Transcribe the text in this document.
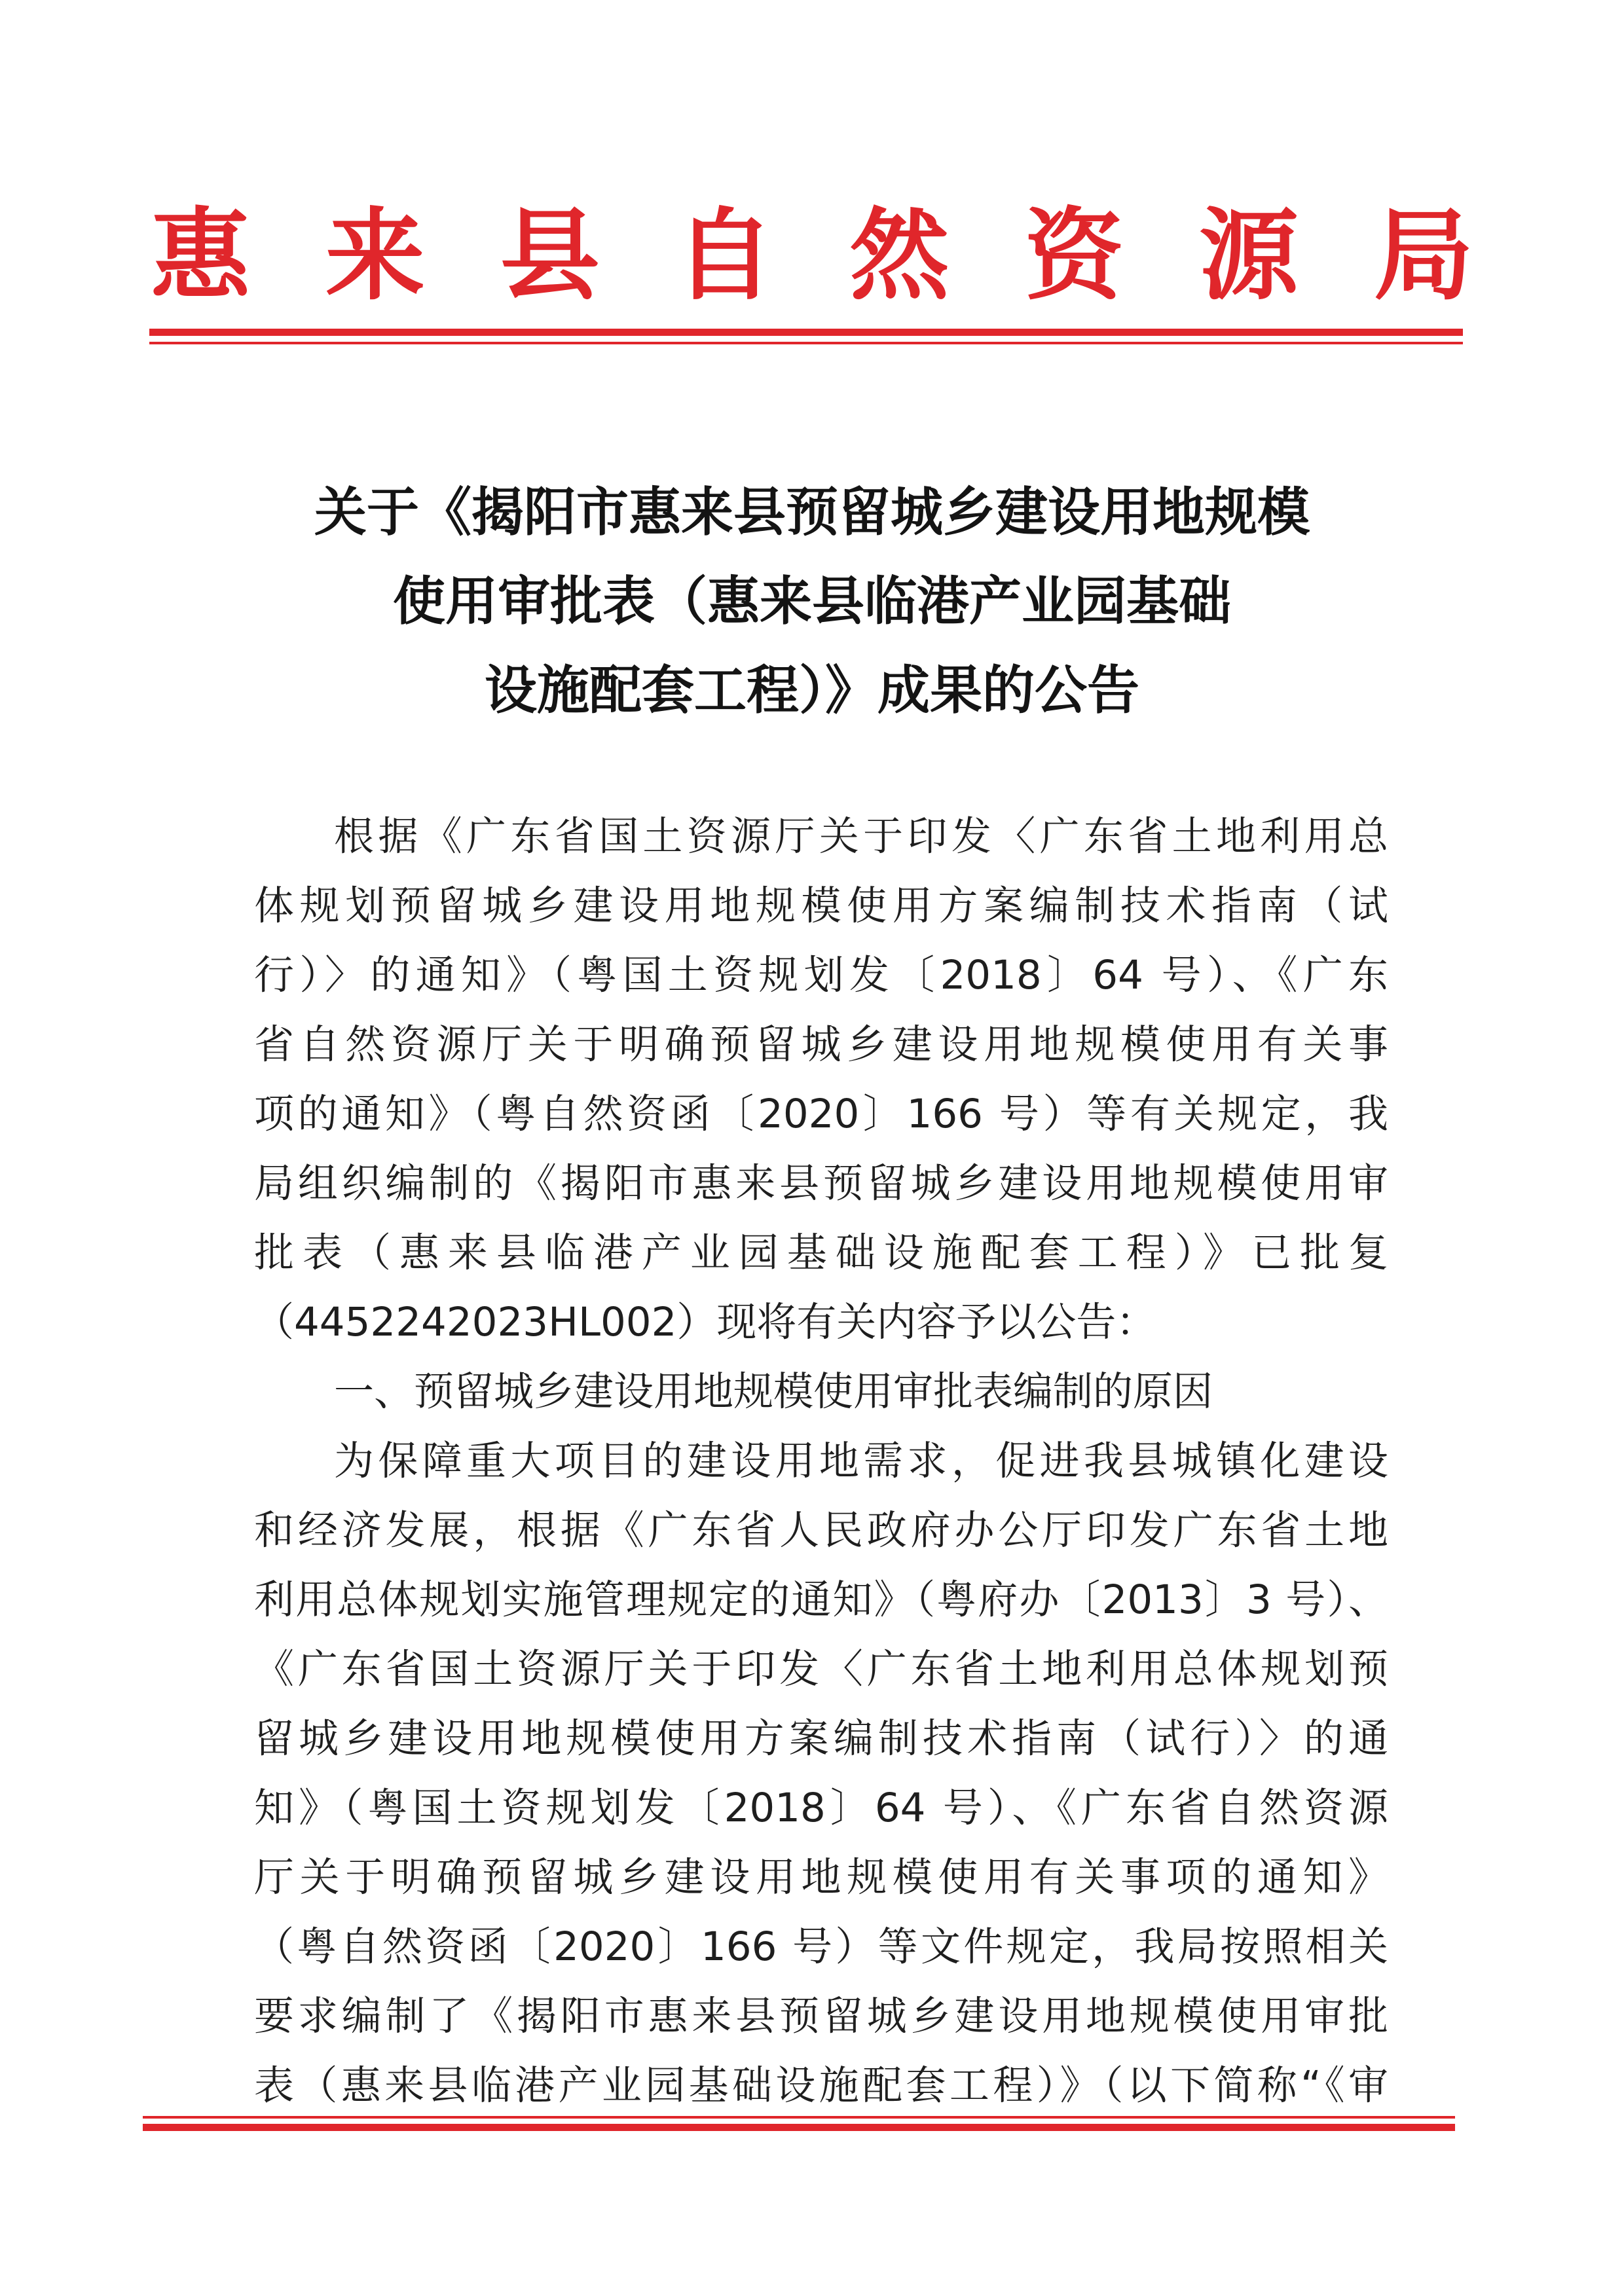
惠 来 县 自 然 资 源 局
关于《揭阳市惠来县预留城乡建设用地规模
使用审批表（惠来县临港产业园基础
设施配套工程）》成果的公告
根据《广东省国土资源厅关于印发〈广东省土地利用总
体规划预留城乡建设用地规模使用方案编制技术指南（试
行）〉的通知》（粤国土资规划发〔2018〕64 号）、《广东
省自然资源厅关于明确预留城乡建设用地规模使用有关事
项的通知》（粤自然资函〔2020〕166 号）等有关规定，我
局组织编制的《揭阳市惠来县预留城乡建设用地规模使用审
批表（惠来县临港产业园基础设施配套工程）》已批复
（4452242023HL002）现将有关内容予以公告：
一、预留城乡建设用地规模使用审批表编制的原因
为保障重大项目的建设用地需求，促进我县城镇化建设
和经济发展，根据《广东省人民政府办公厅印发广东省土地
利用总体规划实施管理规定的通知》（粤府办〔2013〕3 号）、
《广东省国土资源厅关于印发〈广东省土地利用总体规划预
留城乡建设用地规模使用方案编制技术指南（试行）〉的通
知》（粤国土资规划发〔2018〕64 号）、《广东省自然资源
厅关于明确预留城乡建设用地规模使用有关事项的通知》
（粤自然资函〔2020〕166 号）等文件规定，我局按照相关
要求编制了《揭阳市惠来县预留城乡建设用地规模使用审批
表（惠来县临港产业园基础设施配套工程）》（以下简称“《审
